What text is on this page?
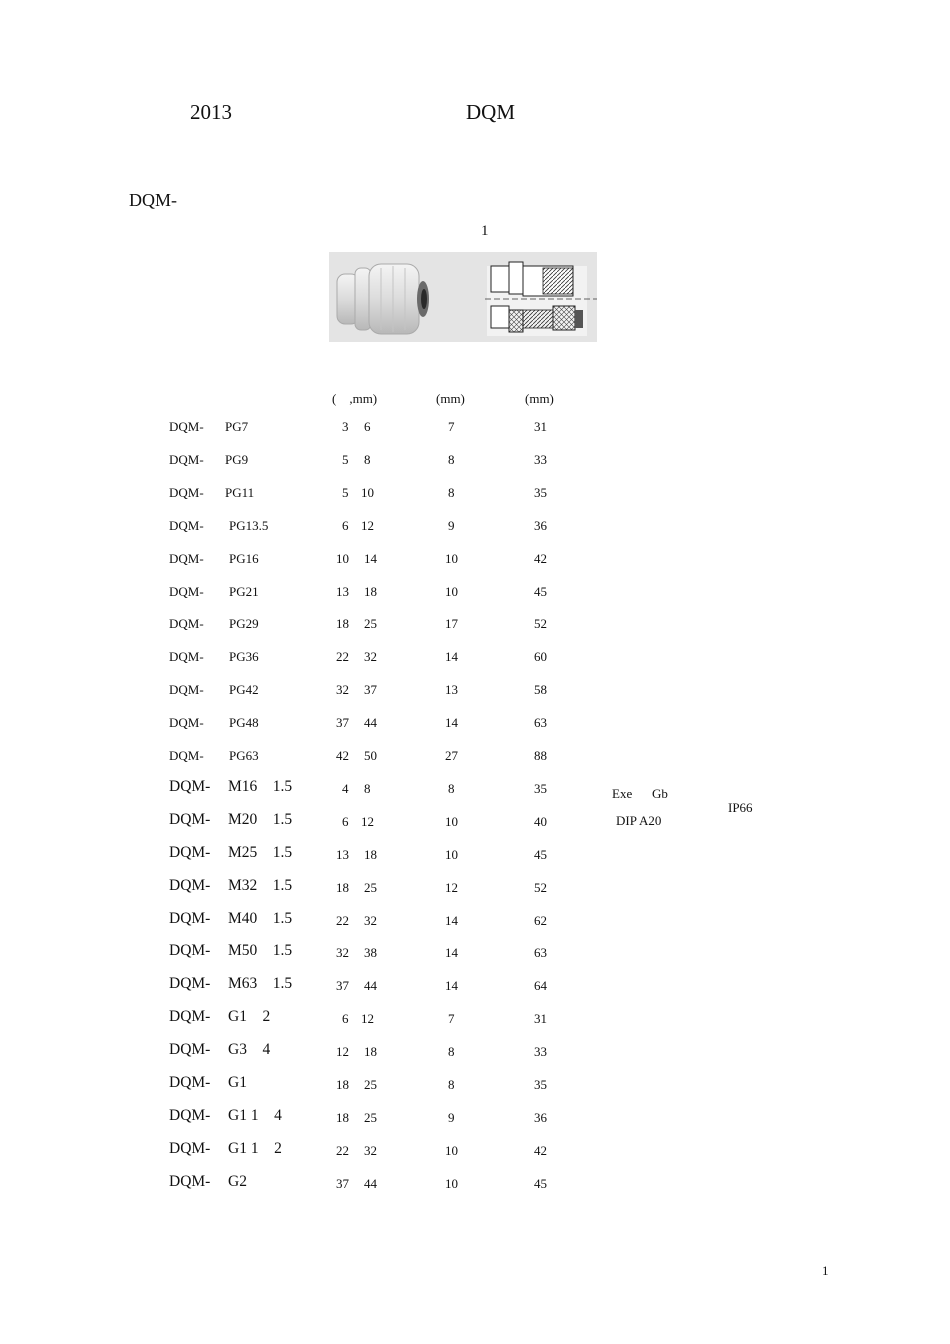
2013	DQM
DQM-
1
(    ,mm)	(mm)	(mm)
DQM- PG7	3 6	7	31
DQM- PG9	5 8	8	33
DQM- PG11	5 10	8	35
DQM- PG13.5	6 12	9	36
DQM- PG16	10 14	10	42
DQM- PG21	13 18	10	45
DQM- PG29	18 25	17	52
DQM- PG36	22 32	14	60
DQM- PG42	32 37	13	58
DQM- PG48	37 44	14	63
DQM- PG63	42 50	27	88
DQM- M16    1.5	4 8	8	35
DQM- M20    1.5	6 12	10	40
DQM- M25    1.5	13 18	10	45
DQM- M32    1.5	18 25	12	52
DQM- M40    1.5	22 32	14	62
DQM- M50    1.5	32 38	14	63
DQM- M63    1.5	37 44	14	64
DQM- G1    2	6 12	7	31
DQM- G3    4	12 18	8	33
DQM- G1	18 25	8	35
DQM- G1 1    4	18 25	9	36
DQM- G1 1    2	22 32	10	42
DQM- G2	37 44	10	45
Exe Gb
DIP A20
IP66
1
